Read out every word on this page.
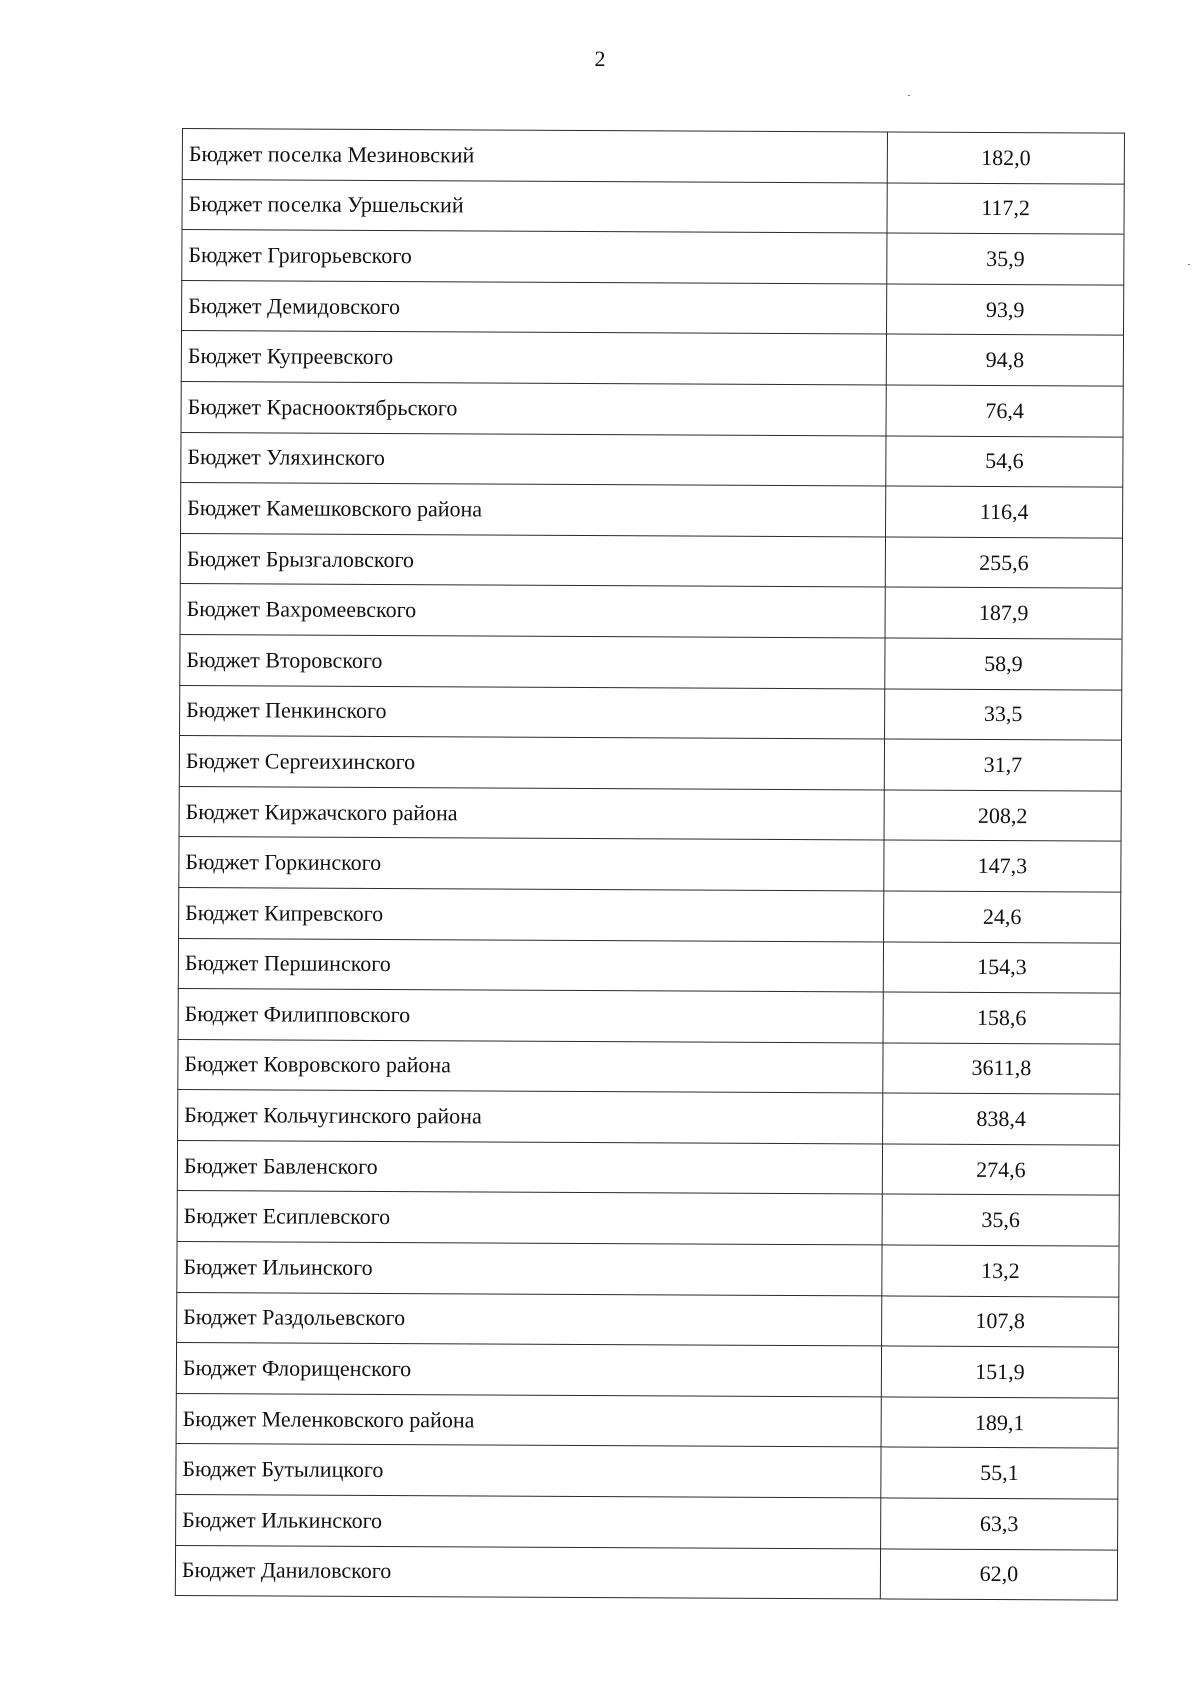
2
Бюджет поселка Мезиновский	182,0
Бюджет поселка Уршельский	117,2
Бюджет Григорьевского	35,9
Бюджет Демидовского	93,9
Бюджет Купреевского	94,8
Бюджет Краснооктябрьского	76,4
Бюджет Уляхинского	54,6
Бюджет Камешковского района	116,4
Бюджет Брызгаловского	255,6
Бюджет Вахромеевского	187,9
Бюджет Второвского	58,9
Бюджет Пенкинского	33,5
Бюджет Сергеихинского	31,7
Бюджет Киржачского района	208,2
Бюджет Горкинского	147,3
Бюджет Кипревского	24,6
Бюджет Першинского	154,3
Бюджет Филипповского	158,6
Бюджет Ковровского района	3611,8
Бюджет Кольчугинского района	838,4
Бюджет Бавленского	274,6
Бюджет Есиплевского	35,6
Бюджет Ильинского	13,2
Бюджет Раздольевского	107,8
Бюджет Флорищенского	151,9
Бюджет Меленковского района	189,1
Бюджет Бутылицкого	55,1
Бюджет Илькинского	63,3
Бюджет Даниловского	62,0
